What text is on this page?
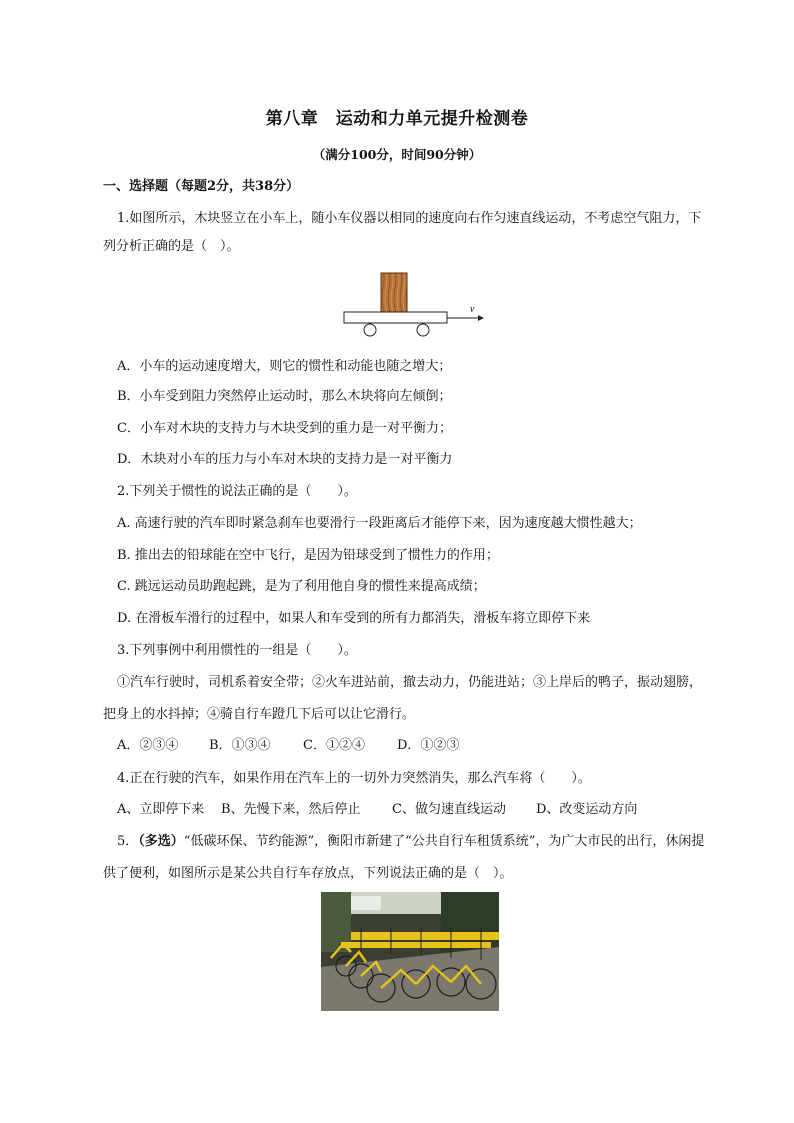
第八章　运动和力单元提升检测卷
（满分100分，时间90分钟）
一、选择题（每题2分，共38分）
1.如图所示，木块竖立在小车上，随小车仪器以相同的速度向右作匀速直线运动，不考虑空气阻力，下
列分析正确的是（　）。
v
A．小车的运动速度增大，则它的惯性和动能也随之增大；
B．小车受到阻力突然停止运动时，那么木块将向左倾倒；
C．小车对木块的支持力与木块受到的重力是一对平衡力；
D．木块对小车的压力与小车对木块的支持力是一对平衡力
2.下列关于惯性的说法正确的是（　　）。
A. 高速行驶的汽车即时紧急刹车也要滑行一段距离后才能停下来，因为速度越大惯性越大；
B. 推出去的铅球能在空中飞行，是因为铅球受到了惯性力的作用；
C. 跳远运动员助跑起跳，是为了利用他自身的惯性来提高成绩；
D. 在滑板车滑行的过程中，如果人和车受到的所有力都消失，滑板车将立即停下来
3.下列事例中利用惯性的一组是（　　）。
①汽车行驶时，司机系着安全带；②火车进站前，撤去动力，仍能进站；③上岸后的鸭子，振动翅膀，
把身上的水抖掉；④骑自行车蹬几下后可以让它滑行。
A．②③④ B．①③④ C．①②④ D．①②③
4.正在行驶的汽车，如果作用在汽车上的一切外力突然消失，那么汽车将（　　）。
A、立即停下来 B、先慢下来，然后停止 C、做匀速直线运动 D、改变运动方向
5．（多选）“低碳环保、节约能源”，衡阳市新建了“公共自行车租赁系统”，为广大市民的出行，休闲提
供了便利，如图所示是某公共自行车存放点，下列说法正确的是（　）。
